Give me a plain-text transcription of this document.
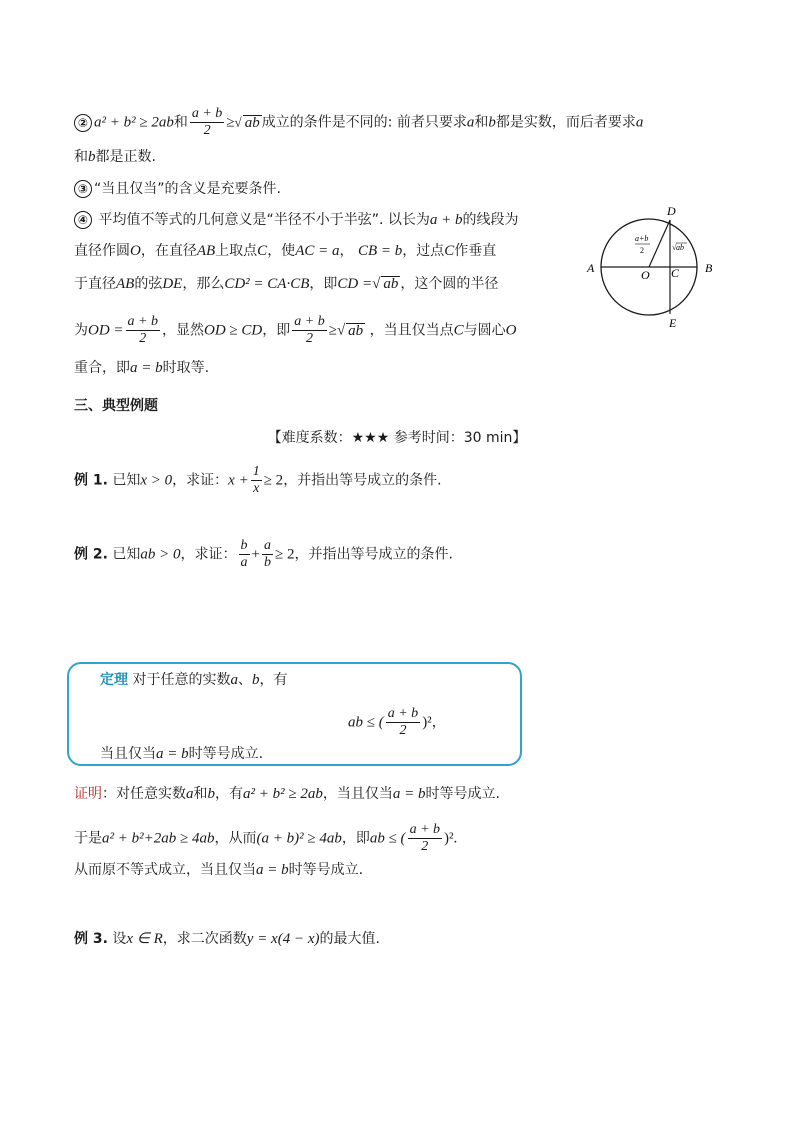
② a² + b² ≥ 2ab和 $\frac{a + b}{2}$ ≥√ ab 成立的条件是不同的: 前者只要求a和b都是实数，而后者要求a
和b都是正数.
③ “当且仅当”的含义是充要条件.
④ 平均值不等式的几何意义是“半径不小于半弦”. 以长为a + b的线段为
直径作圆O，在直径AB上取点C，使AC = a， CB = b，过点C作垂直
于直径AB的弦DE，那么CD² = CA·CB，即CD =√ ab ，这个圆的半径
为OD = $\frac{a + b}{2}$ ，显然OD ≥ CD，即 $\frac{a + b}{2}$ ≥√ ab ，当且仅当点C与圆心O
重合，即a = b时取等.
D
A	O C B
E
a+b
2	√ ab
三、典型例题
【难度系数：★★★ 参考时间：30 min】
例 1. 已知x > 0，求证：$x + \frac{1}{x} \ge 2$，并指出等号成立的条件.
例 2. 已知ab > 0，求证： $\frac{b}{a} + \frac{a}{b} \ge 2$，并指出等号成立的条件.
定理 对于任意的实数a、b，有
ab ≤ ( $\frac{a + b}{2} )^2$，
当且仅当a = b时等号成立.
证明：对任意实数a和b，有a² + b² ≥ 2ab，当且仅当a = b时等号成立.
于是a² + b²+2ab ≥ 4ab，从而(a + b)² ≥ 4ab，即ab ≤ ( $\frac{a + b}{2} )^2$.
从而原不等式成立，当且仅当a = b时等号成立.
例 3. 设x ∈ R，求二次函数y = x(4 − x)的最大值.
